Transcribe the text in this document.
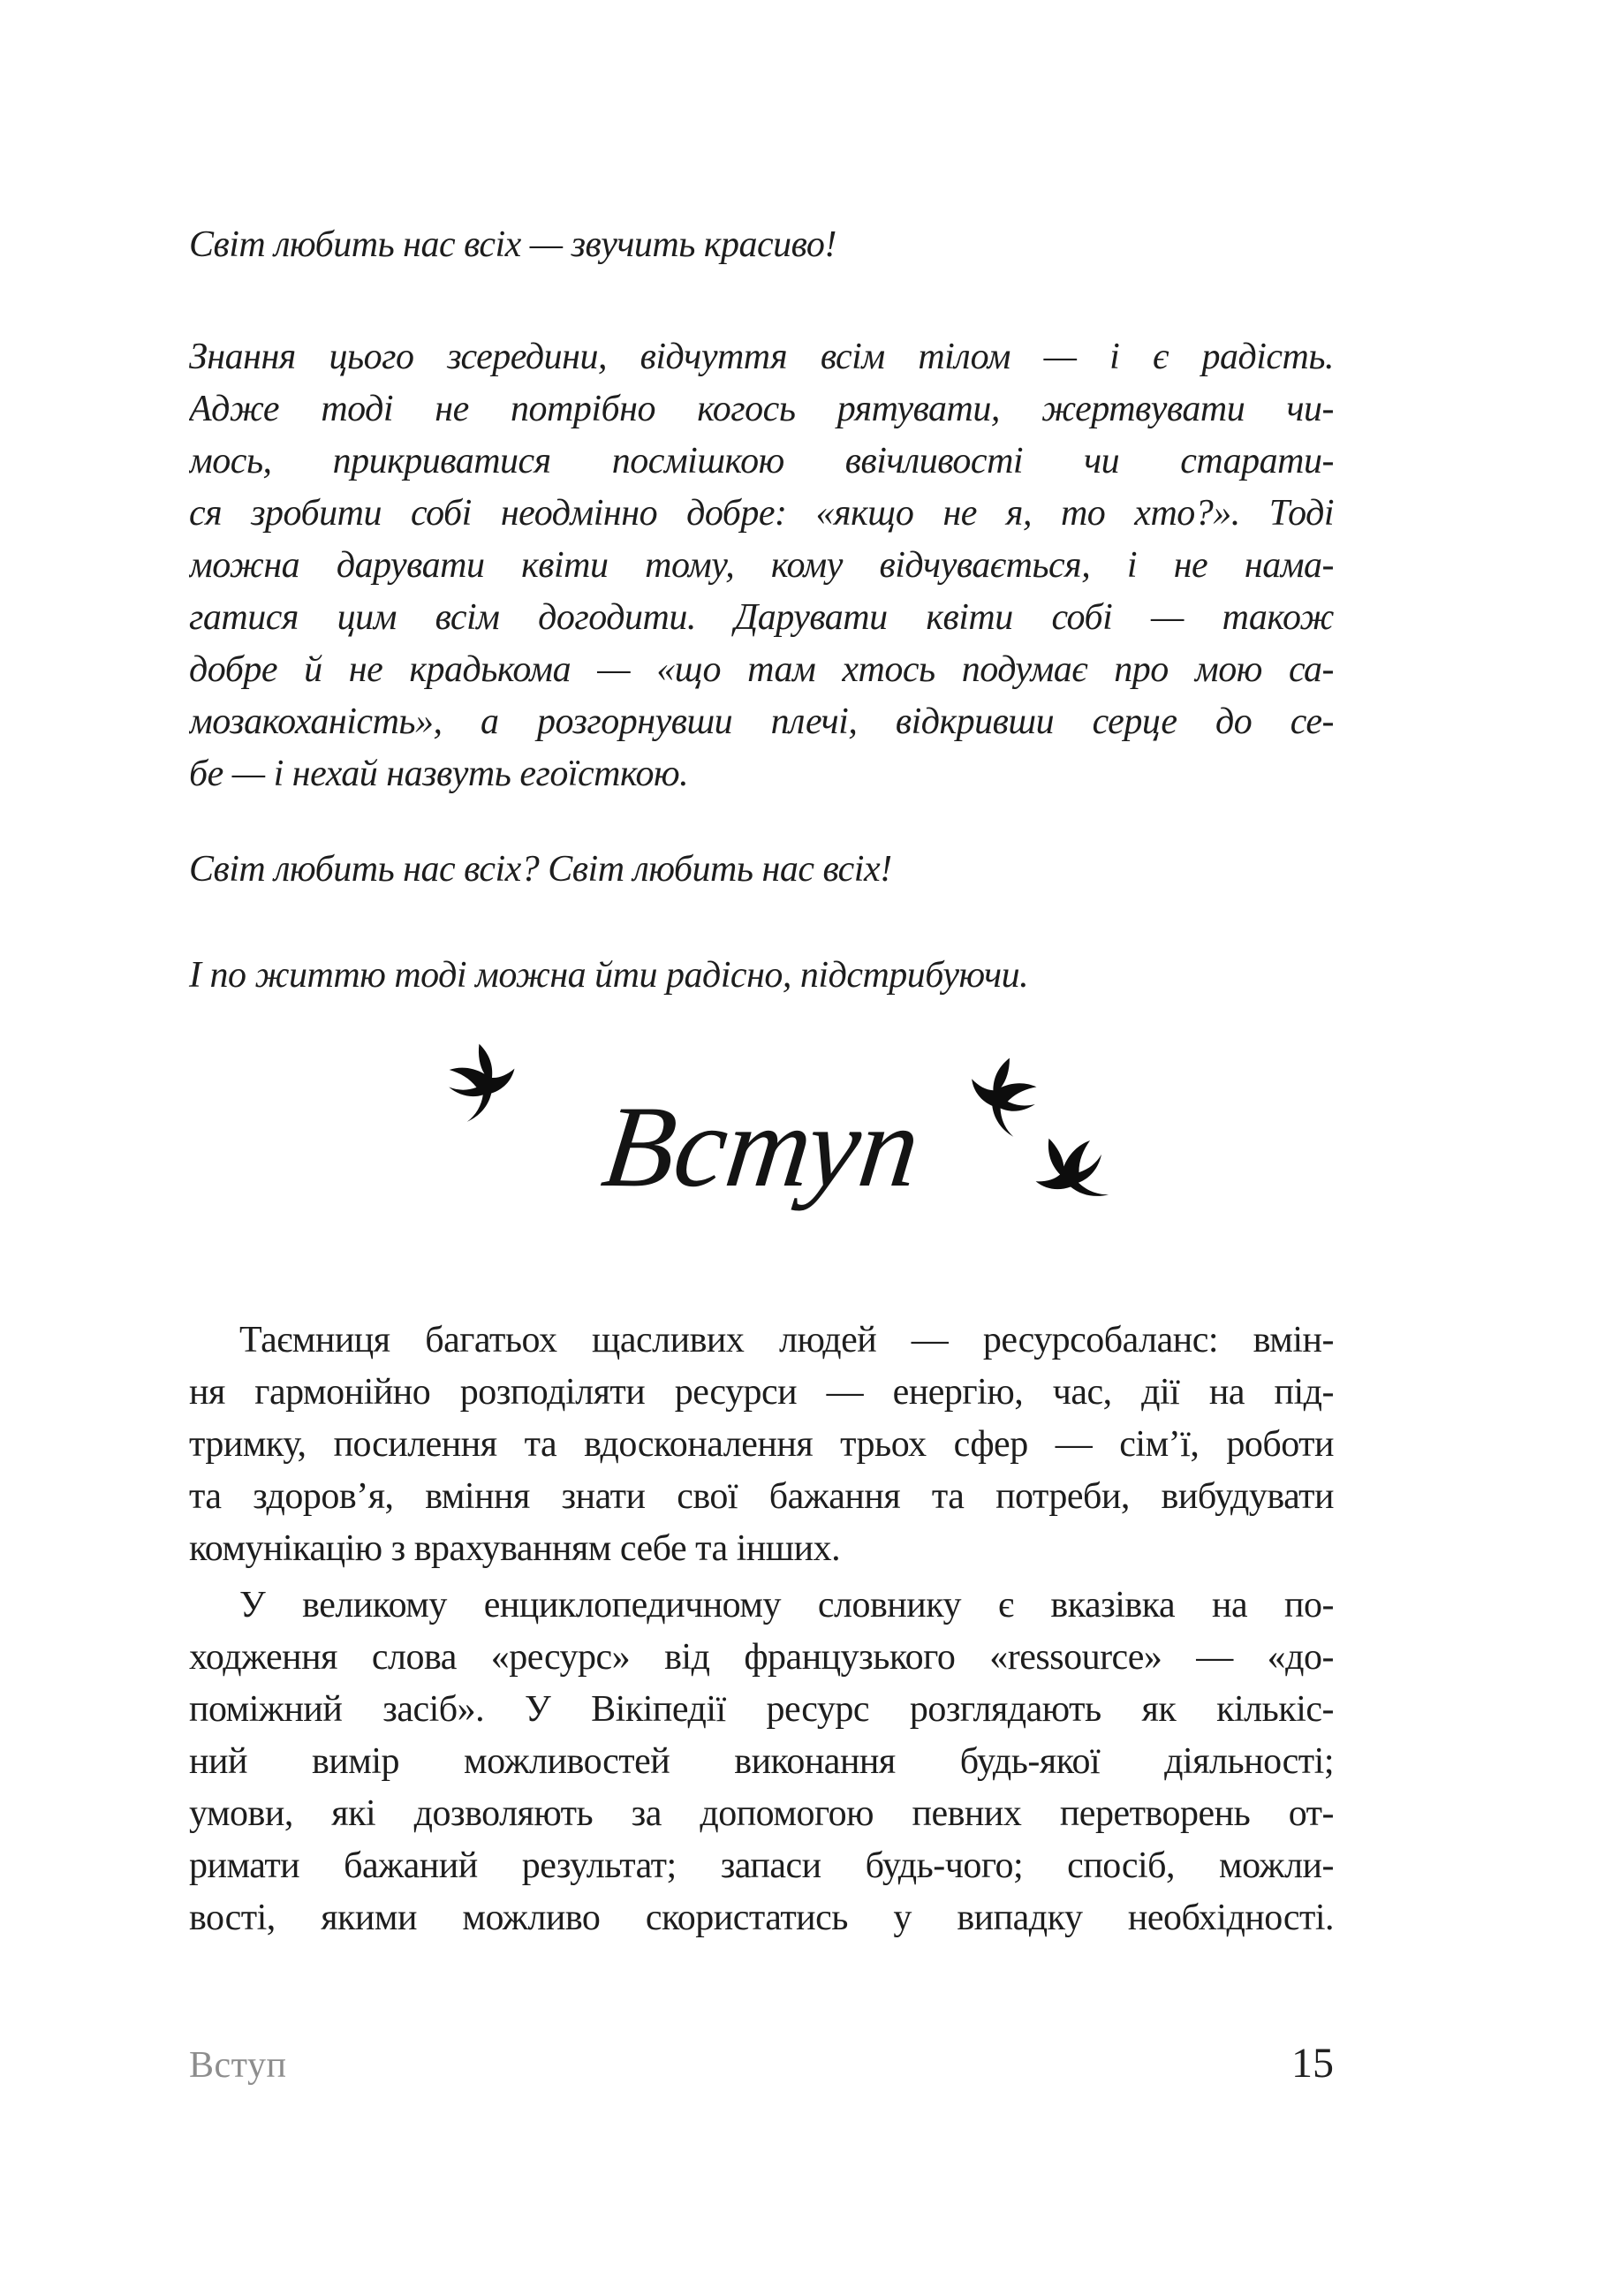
Світ любить нас всіх — звучить красиво!
Знання цього зсередини, відчуття всім тілом — і є радість.
Адже тоді не потрібно когось рятувати, жертвувати чи-
мось, прикриватися посмішкою ввічливості чи старати-
ся зробити собі неодмінно добре: «якщо не я, то хто?». Тоді
можна дарувати квіти тому, кому відчувається, і не нама-
гатися цим всім догодити. Дарувати квіти собі — також
добре й не крадькома — «що там хтось подумає про мою са-
мозакоханість», а розгорнувши плечі, відкривши серце до се-
бе — і нехай назвуть егоїсткою.
Світ любить нас всіх? Світ любить нас всіх!
І по життю тоді можна йти радісно, підстрибуючи.
Вступ
Таємниця багатьох щасливих людей — ресурсобаланс: вмін-
ня гармонійно розподіляти ресурси — енергію, час, дії на під-
тримку, посилення та вдосконалення трьох сфер — сім’ї, роботи
та здоров’я, вміння знати свої бажання та потреби, вибудувати
комунікацію з врахуванням себе та інших.
У великому енциклопедичному словнику є вказівка на по-
ходження слова «ресурс» від французького «ressource» — «до-
поміжний засіб». У Вікіпедії ресурс розглядають як кількіс-
ний вимір можливостей виконання будь-якої діяльності;
умови, які дозволяють за допомогою певних перетворень от-
римати бажаний результат; запаси будь-чого; спосіб, можли-
вості, якими можливо скористатись у випадку необхідності.
Вступ	15
